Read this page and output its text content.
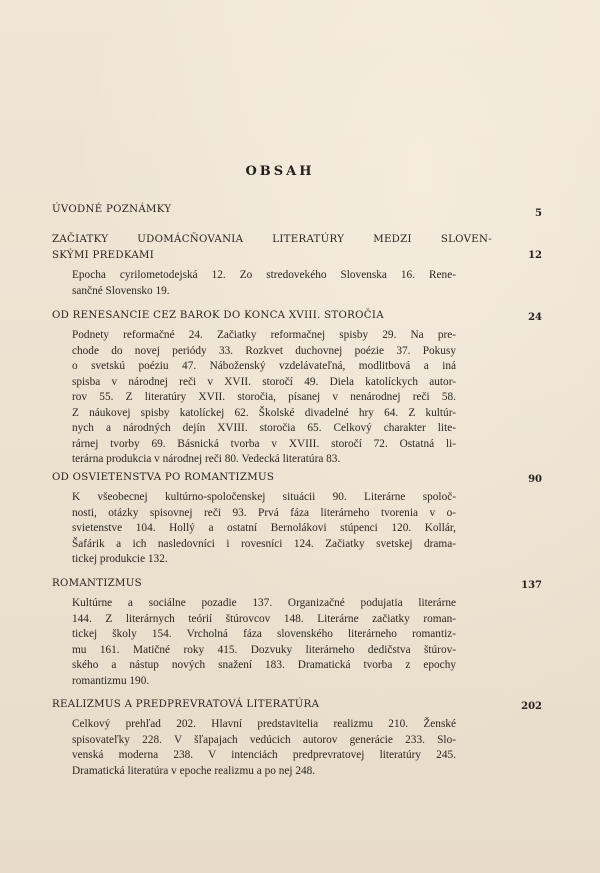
OBSAH
ÚVODNÉ POZNÁMKY	5
ZAČIATKY UDOMÁCŇOVANIA LITERATÚRY MEDZI SLOVEN-
SKÝMI PREDKAMI	12
Epocha cyrilometodejská 12. Zo stredovekého Slovenska 16. Rene-
sančné Slovensko 19.
OD RENESANCIE CEZ BAROK DO KONCA XVIII. STOROČIA	24
Podnety reformačné 24. Začiatky reformačnej spisby 29. Na pre-
chode do novej periódy 33. Rozkvet duchovnej poézie 37. Pokusy
o svetskú poéziu 47. Náboženský vzdelávateľná, modlitbová a iná
spisba v národnej reči v XVII. storočí 49. Diela katolíckych autor-
rov 55. Z literatúry XVII. storočia, písanej v nenárodnej reči 58.
Z náukovej spisby katolíckej 62. Školské divadelné hry 64. Z kultúr-
nych a národných dejín XVIII. storočia 65. Celkový charakter lite-
rárnej tvorby 69. Básnická tvorba v XVIII. storočí 72. Ostatná li-
terárna produkcia v národnej reči 80. Vedecká literatúra 83.
OD OSVIETENSTVA PO ROMANTIZMUS	90
K všeobecnej kultúrno-spoločenskej situácii 90. Literárne spoloč-
nosti, otázky spisovnej reči 93. Prvá fáza literárneho tvorenia v o-
svietenstve 104. Hollý a ostatní Bernolákovi stúpenci 120. Kollár,
Šafárik a ich nasledovníci i rovesníci 124. Začiatky svetskej drama-
tickej produkcie 132.
ROMANTIZMUS	137
Kultúrne a sociálne pozadie 137. Organizačné podujatia literárne
144. Z literárnych teórií štúrovcov 148. Literárne začiatky roman-
tickej školy 154. Vrcholná fáza slovenského literárneho romantiz-
mu 161. Matičné roky 415. Dozvuky literárneho dedičstva štúrov-
ského a nástup nových snažení 183. Dramatická tvorba z epochy
romantizmu 190.
REALIZMUS A PREDPREVRATOVÁ LITERATÚRA	202
Celkový prehľad 202. Hlavní predstavitelia realizmu 210. Ženské
spisovateľky 228. V šľapajach vedúcich autorov generácie 233. Slo-
venská moderna 238. V intenciách predprevratovej literatúry 245.
Dramatická literatúra v epoche realizmu a po nej 248.
